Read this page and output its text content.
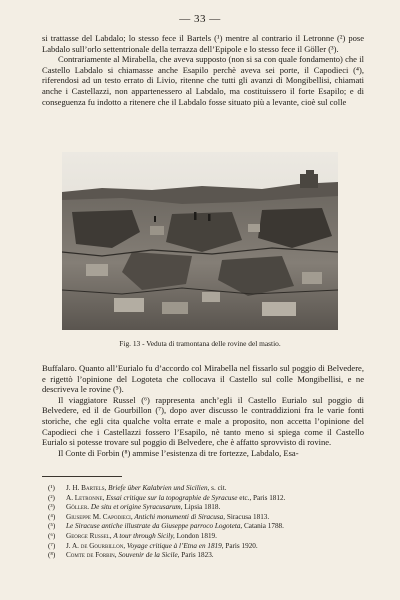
— 33 —

si trattasse del Labdalo; lo stesso fece il Bartels (¹) mentre al contrario il Letronne (²) pose Labdalo sull’orlo settentrionale della terrazza dell’Epipole e lo stesso fece il Göller (³).

Contrariamente al Mirabella, che aveva supposto (non si sa con quale fondamento) che il Castello Labdalo si chiamasse anche Esapilo perchè aveva sei porte, il Capodieci (⁴), riferendosi ad un testo errato di Livio, ritenne che tutti gli avanzi di Mongibellisi, chiamati anche i Castellazzi, non appartenessero al Labdalo, ma costituissero il forte Esapilo; e di conseguenza fu indotto a ritenere che il Labdalo fosse situato più a levante, cioè sul colle

Fig. 13 - Veduta di tramontana delle rovine del mastio.

Buffalaro. Quanto all’Eurialo fu d’accordo col Mirabella nel fissarlo sul poggio di Belvedere, e rigettò l’opinione del Logoteta che collocava il Castello sul colle Mongibellisi, e ne descriveva le rovine (⁵).

Il viaggiatore Russel (⁶) rappresenta anch’egli il Castello Eurialo sul poggio di Belvedere, ed il de Gourbillon (⁷), dopo aver discusso le contraddizioni fra le varie fonti storiche, che egli cita qualche volta errate e male a proposito, non accetta l’opinione del Capodieci che i Castellazzi fossero l’Esapilo, nè tanto meno si spiega come il Castello Eurialo si potesse trovare sul poggio di Belvedere, che è affatto sprovvisto di rovine.

Il Conte di Forbin (⁸) ammise l’esistenza di tre fortezze, Labdalo, Esa-

(¹) J. H. Bartels, Briefe über Kalabrien und Sicilien, s. cit.
(²) A. Letronne, Essai critique sur la topographie de Syracuse etc., Paris 1812.
(³) Göller. De situ et origine Syracusarum, Lipsia 1818.
(⁴) Giuseppe M. Capodieci, Antichi monumenti di Siracusa, Siracusa 1813.
(⁵) Le Siracuse antiche illustrate da Giuseppe parroco Logoteta, Catania 1788.
(⁶) George Russel, A tour through Sicily, London 1819.
(⁷) J. A. de Gourbillon, Voyage critique à l’Etna en 1819, Paris 1920.
(⁸) Comte de Forbin, Souvenir de la Sicile, Paris 1823.
